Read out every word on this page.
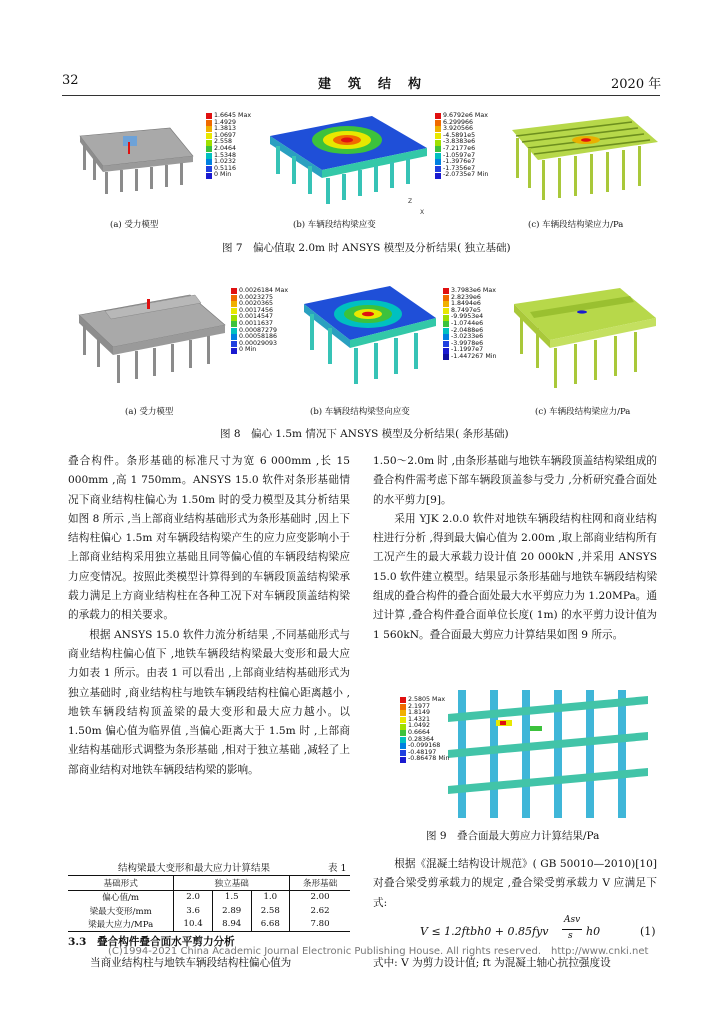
32	建　筑　结　构	2020 年
1.6645 Max
1.4929
1.3813
1.0697
2.558
2.0464
1.5348
1.0232
0.5116
0 Min
Z
X
9.6792e6 Max
6.299966
3.920566
-4.5891e5
-3.8383e6
-7.2177e6
-1.0597e7
-1.3976e7
-1.7356e7
-2.0735e7 Min
(a) 受力模型	(b) 车辆段结构梁应变	(c) 车辆段结构梁应力/Pa
图 7　偏心值取 2.0m 时 ANSYS 模型及分析结果( 独立基础)
0.0026184 Max
0.0023275
0.0020365
0.0017456
0.0014547
0.0011637
0.00087279
0.00058186
0.00029093
0 Min
3.7983e6 Max
2.8239e6
1.8494e6
8.7497e5
-9.9953e4
-1.0744e6
-2.0488e6
-3.0233e6
-3.9978e6
-1.1997e7
-1.447267 Min
(a) 受力模型	(b) 车辆段结构梁竖向应变	(c) 车辆段结构梁应力/Pa
图 8　偏心 1.5m 情况下 ANSYS 模型及分析结果( 条形基础)

叠合构件。条形基础的标准尺寸为宽 6 000mm ,长 15 000mm ,高 1 750mm。ANSYS 15.0 软件对条形基础情况下商业结构柱偏心为 1.50m 时的受力模型及其分析结果如图 8 所示 ,当上部商业结构基础形式为条形基础时 ,因上下结构柱偏心 1.5m 对车辆段结构梁产生的应力应变影响小于上部商业结构采用独立基础且同等偏心值的车辆段结构梁应力应变情况。按照此类模型计算得到的车辆段顶盖结构梁承载力满足上方商业结构柱在各种工况下对车辆段顶盖结构梁的承载力的相关要求。

根据 ANSYS 15.0 软件力流分析结果 ,不同基础形式与商业结构柱偏心值下 ,地铁车辆段结构梁最大变形和最大应力如表 1 所示。由表 1 可以看出 ,上部商业结构基础形式为独立基础时 ,商业结构柱与地铁车辆段结构柱偏心距离越小 ,地铁车辆段结构顶盖梁的最大变形和最大应力越小。以 1.50m 偏心值为临界值 ,当偏心距离大于 1.5m 时 ,上部商业结构基础形式调整为条形基础 ,相对于独立基础 ,减轻了上部商业结构对地铁车辆段结构梁的影响。

结构梁最大变形和最大应力计算结果	表 1
基础形式	独立基础			条形基础
偏心值/m	2.0	1.5	1.0	2.00
梁最大变形/mm	3.6	2.89	2.58	2.62
梁最大应力/MPa	10.4	8.94	6.68	7.80
3.3　叠合构件叠合面水平剪力分析
当商业结构柱与地铁车辆段结构柱偏心值为

1.50～2.0m 时 ,由条形基础与地铁车辆段顶盖结构梁组成的叠合构件需考虑下部车辆段顶盖参与受力 ,分析研究叠合面处的水平剪力[9]。

采用 YJK 2.0.0 软件对地铁车辆段结构柱网和商业结构柱进行分析 ,得到最大偏心值为 2.00m ,取上部商业结构所有工况产生的最大承载力设计值 20 000kN ,并采用 ANSYS 15.0 软件建立模型。结果显示条形基础与地铁车辆段结构梁组成的叠合构件的叠合面处最大水平剪应力为 1.20MPa。通过计算 ,叠合构件叠合面单位长度( 1m) 的水平剪力设计值为1 560kN。叠合面最大剪应力计算结果如图 9 所示。

2.5805 Max
2.1977
1.8149
1.4321
1.0492
0.6664
0.28364
-0.099168
-0.48197
-0.86478 Min
图 9　叠合面最大剪应力计算结果/Pa
根据《混凝土结构设计规范》( GB 50010—2010)[10] 对叠合梁受剪承载力的规定 ,叠合梁受剪承载力 V 应满足下式:
V ≤ 1.2ftbh0 + 0.85fyv
Asv
s h0	(1)
式中: V 为剪力设计值; ft 为混凝土轴心抗拉强度设
(C)1994-2021 China Academic Journal Electronic Publishing House. All rights reserved.　http://www.cnki.net
